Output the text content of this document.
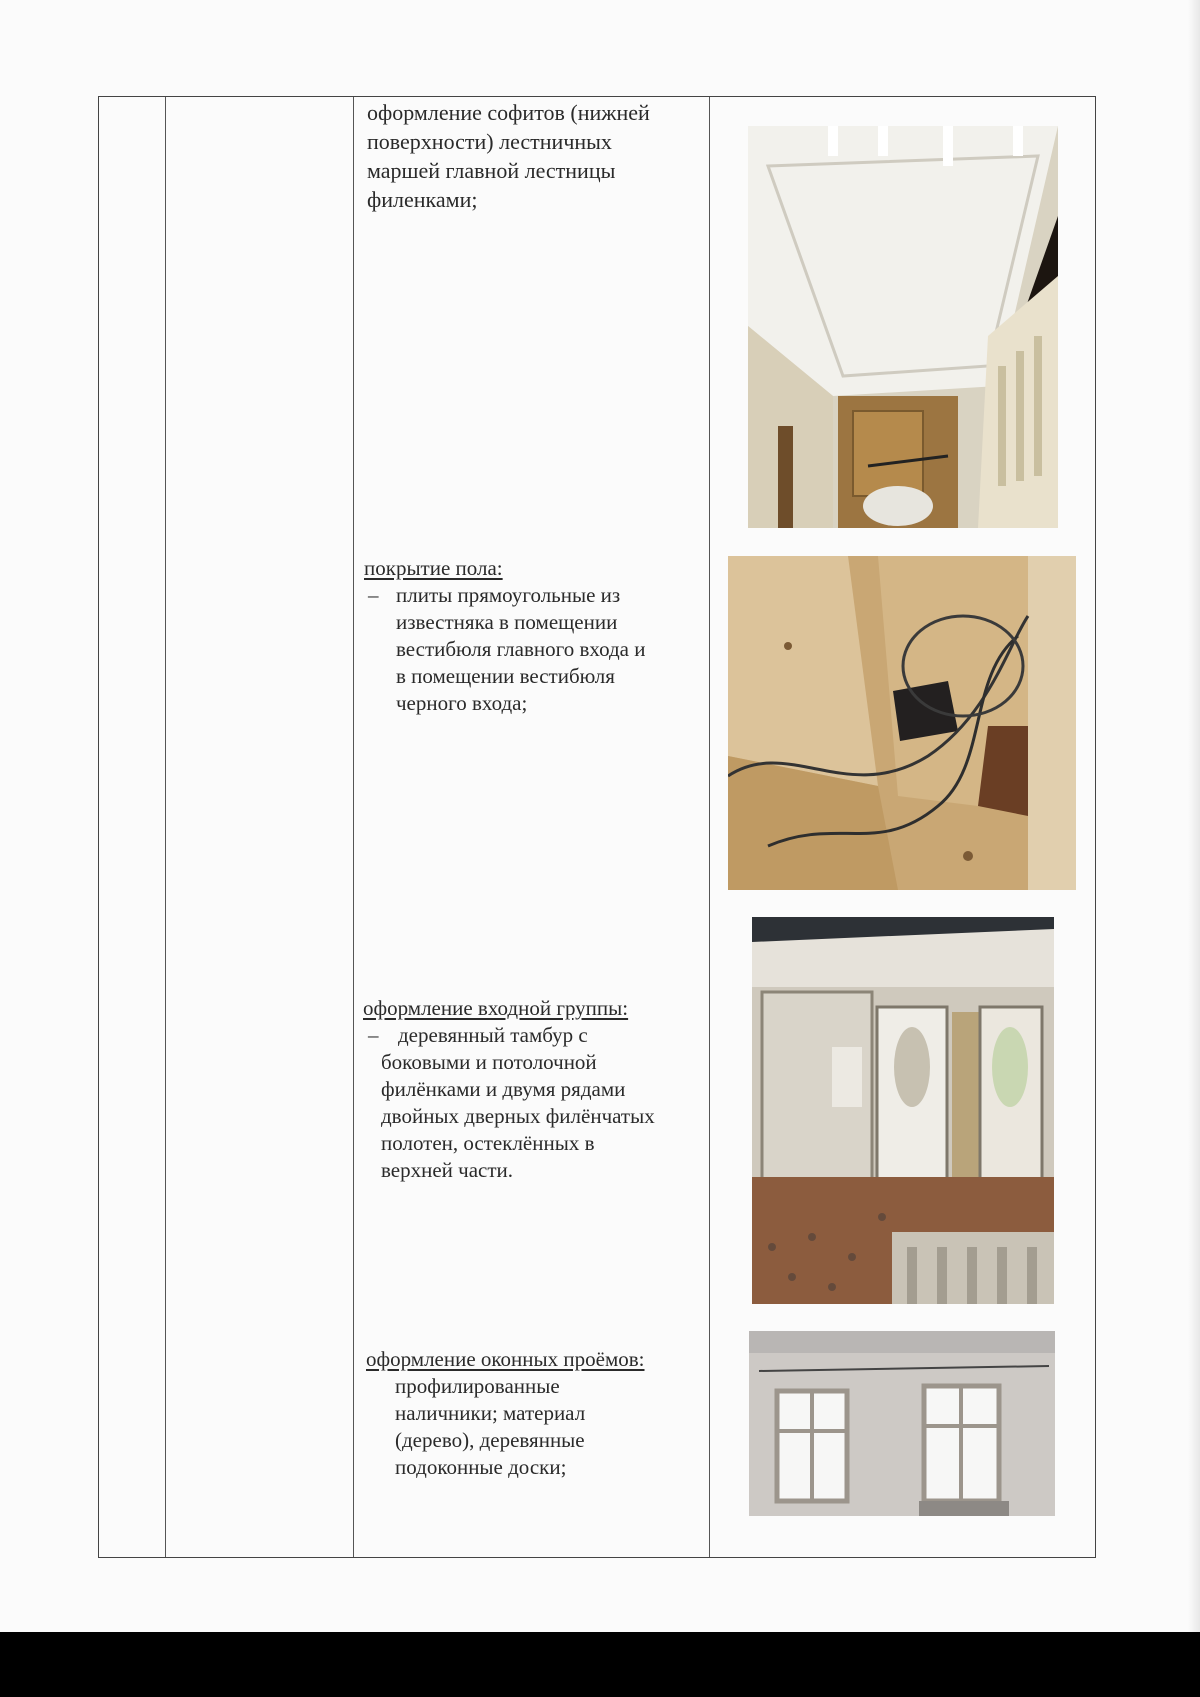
оформление софитов (нижней
поверхности) лестничных
маршей главной лестницы
филенками;
покрытие пола:
– плиты прямоугольные из
известняка в помещении
вестибюля главного входа и
в помещении вестибюля
черного входа;
оформление входной группы:
– деревянный тамбур с
боковыми и потолочной
филёнками и двумя рядами
двойных дверных филёнчатых
полотен, остеклённых в
верхней части.
оформление оконных проёмов:
профилированные
наличники; материал
(дерево), деревянные
подоконные доски;
